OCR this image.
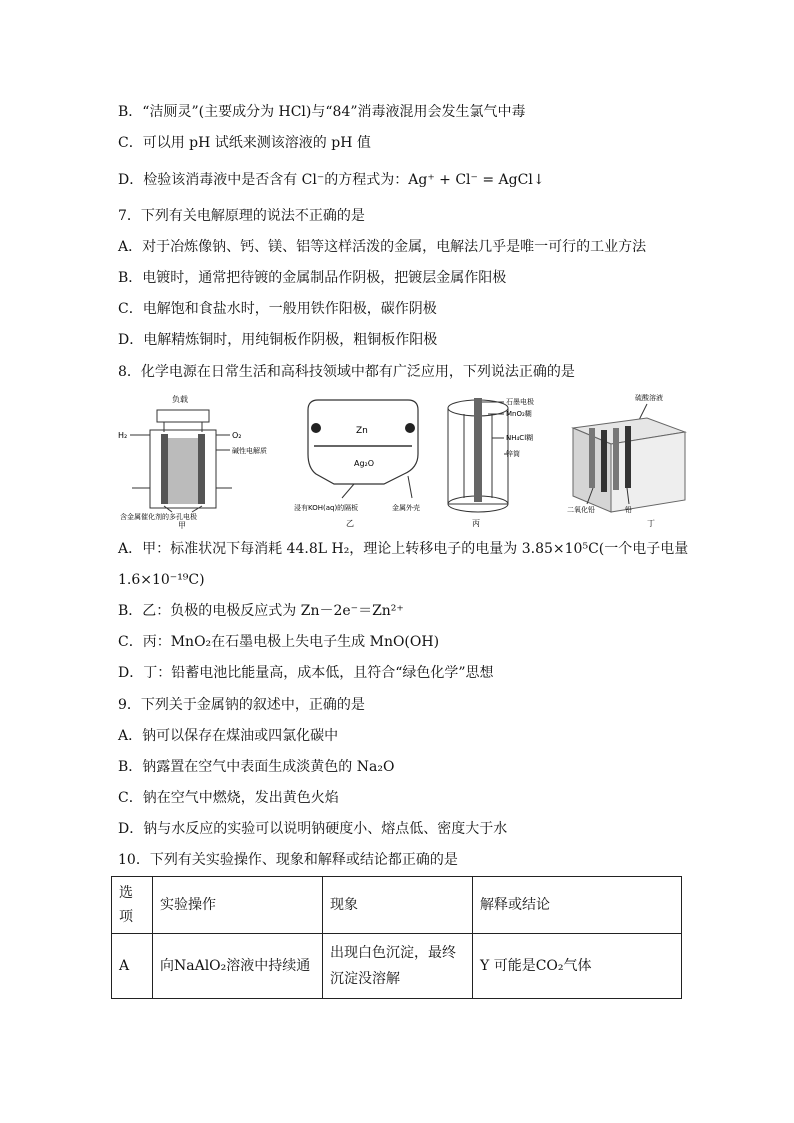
B．“洁厕灵”(主要成分为 HCl)与“84”消毒液混用会发生氯气中毒
C．可以用 pH 试纸来测该溶液的 pH 值
D．检验该消毒液中是否含有 Cl⁻的方程式为：Ag⁺ + Cl⁻ = AgCl↓
7．下列有关电解原理的说法不正确的是
A．对于冶炼像钠、钙、镁、铝等这样活泼的金属，电解法几乎是唯一可行的工业方法
B．电镀时，通常把待镀的金属制品作阴极，把镀层金属作阳极
C．电解饱和食盐水时，一般用铁作阳极，碳作阴极
D．电解精炼铜时，用纯铜板作阴极，粗铜板作阳极
8．化学电源在日常生活和高科技领域中都有广泛应用，下列说法正确的是
负载
H₂	O₂
碱性电解质
含金属催化剂的多孔电极
甲
Zn
Ag₂O
浸有KOH(aq)的隔板	金属外壳
乙
石墨电极
MnO₂糊
NH₄Cl糊
锌筒
丙
硫酸溶液
二氧化铅	铅
丁
A．甲：标准状况下每消耗 44.8L H₂，理论上转移电子的电量为 3.85×10⁵C(一个电子电量
1.6×10⁻¹⁹C)
B．乙：负极的电极反应式为 Zn－2e⁻＝Zn²⁺
C．丙：MnO₂在石墨电极上失电子生成 MnO(OH)
D．丁：铅蓄电池比能量高，成本低，且符合“绿色化学”思想
9．下列关于金属钠的叙述中，正确的是
A．钠可以保存在煤油或四氯化碳中
B．钠露置在空气中表面生成淡黄色的 Na₂O
C．钠在空气中燃烧，发出黄色火焰
D．钠与水反应的实验可以说明钠硬度小、熔点低、密度大于水
10．下列有关实验操作、现象和解释或结论都正确的是
选项	实验操作	现象	解释或结论
A	向NaAlO₂溶液中持续通	出现白色沉淀，最终沉淀没溶解	Y 可能是CO₂气体
